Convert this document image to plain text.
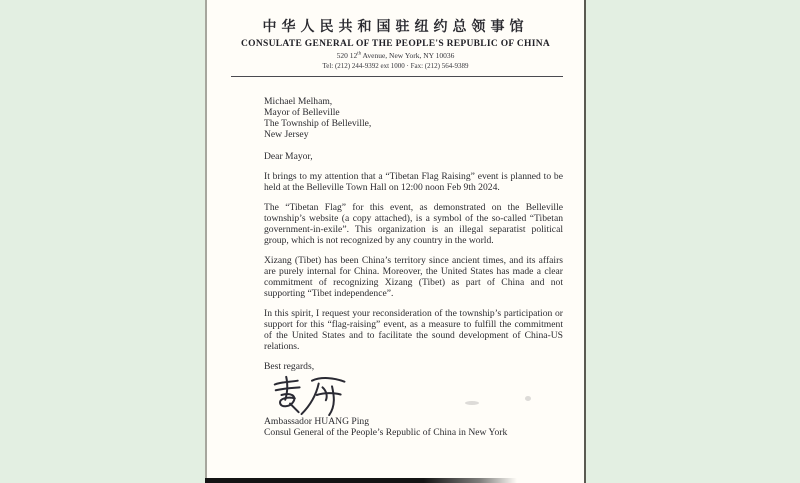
中华人民共和国驻纽约总领事馆
CONSULATE GENERAL OF THE PEOPLE'S REPUBLIC OF CHINA
520 12th Avenue, New York, NY 10036
Tel: (212) 244-9392 ext 1000 · Fax: (212) 564-9389
Michael Melham,
Mayor of Belleville
The Township of Belleville,
New Jersey
Dear Mayor,

It brings to my attention that a “Tibetan Flag Raising” event is planned to be held at the Belleville Town Hall on 12:00 noon Feb 9th 2024.

The “Tibetan Flag” for this event, as demonstrated on the Belleville township’s website (a copy attached), is a symbol of the so-called “Tibetan government-in-exile”. This organization is an illegal separatist political group, which is not recognized by any country in the world.

Xizang (Tibet) has been China’s territory since ancient times, and its affairs are purely internal for China. Moreover, the United States has made a clear commitment of recognizing Xizang (Tibet) as part of China and not supporting “Tibet independence”.

In this spirit, I request your reconsideration of the township’s participation or support for this “flag-raising” event, as a measure to fulfill the commitment of the United States and to facilitate the sound development of China-US relations.

Best regards,
Ambassador HUANG Ping
Consul General of the People’s Republic of China in New York
